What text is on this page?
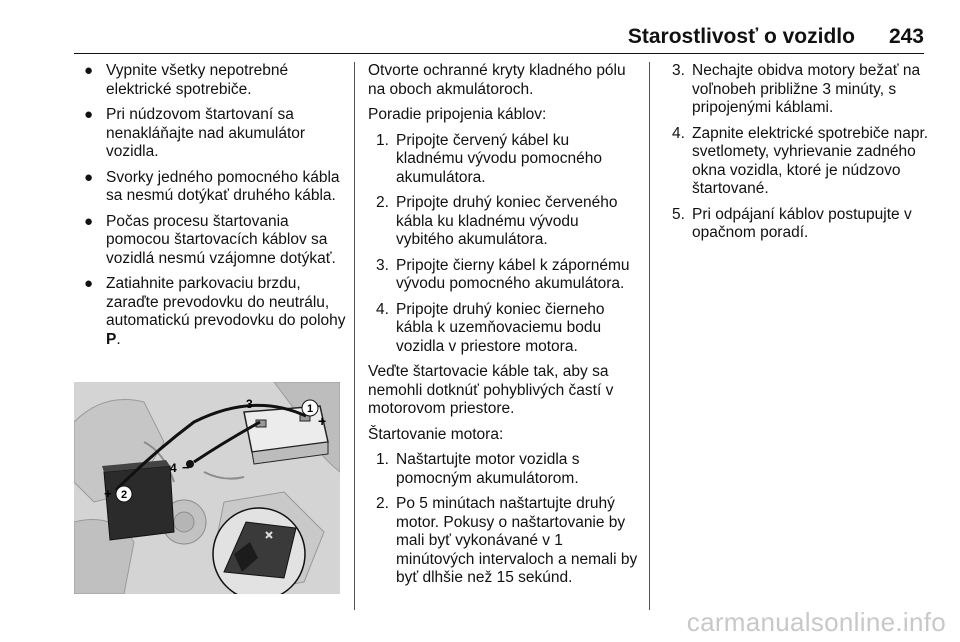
Starostlivosť o vozidlo 243
● Vypnite všetky nepotrebné elektrické spotrebiče.
● Pri núdzovom štartovaní sa nenakláňajte nad akumulátor vozidla.
● Svorky jedného pomocného kábla sa nesmú dotýkať druhého kábla.
● Počas procesu štartovania pomocou štartovacích káblov sa vozidlá nesmú vzájomne dotýkať.
● Zatiahnite parkovaciu brzdu, zaraďte prevodovku do neutrálu, automatickú prevodovku do polohy P.
1
3
4 −
2
+
+
Otvorte ochranné kryty kladného pólu na oboch akmulátoroch.
Poradie pripojenia káblov:
1. Pripojte červený kábel ku kladnému vývodu pomocného akumulátora.
2. Pripojte druhý koniec červeného kábla ku kladnému vývodu vybitého akumulátora.
3. Pripojte čierny kábel k zápornému vývodu pomocného akumulátora.
4. Pripojte druhý koniec čierneho kábla k uzemňovaciemu bodu vozidla v priestore motora.
Veďte štartovacie káble tak, aby sa nemohli dotknúť pohyblivých častí v motorovom priestore.
Štartovanie motora:
1. Naštartujte motor vozidla s pomocným akumulátorom.
2. Po 5 minútach naštartujte druhý motor. Pokusy o naštartovanie by mali byť vykonávané v 1 minútových intervaloch a nemali by byť dlhšie než 15 sekúnd.
3. Nechajte obidva motory bežať na voľnobeh približne 3 minúty, s pripojenými káblami.
4. Zapnite elektrické spotrebiče napr. svetlomety, vyhrievanie zadného okna vozidla, ktoré je núdzovo štartované.
5. Pri odpájaní káblov postupujte v opačnom poradí.
carmanualsonline.info
